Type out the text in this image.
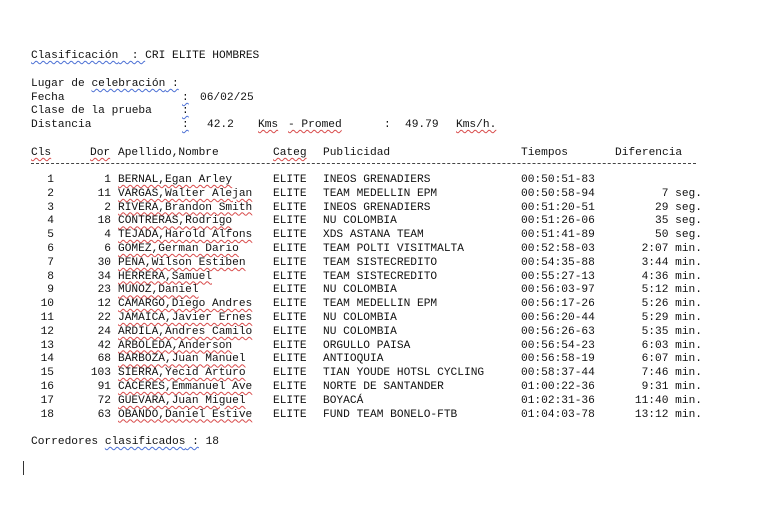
Clasificación  : CRI ELITE HOMBRES
Lugar de celebración :
Fecha	: 06/02/25
Clase de la prueba	:
Distancia	: 42.2 Kms - Promed	: 49.79 Kms/h.
Cls	Dor Apellido,Nombre	Categ Publicidad	Tiempos	Diferencia
1	1 BERNAL,Egan Arley	ELITE INEOS GRENADIERS	00:50:51-83
2	11 VARGAS,Walter Alejan ELITE TEAM MEDELLIN EPM	00:50:58-94	7 seg.
3	2 RIVERA,Brandon Smith ELITE INEOS GRENADIERS	00:51:20-51	29 seg.
4	18 CONTRERAS,Rodrigo	ELITE NU COLOMBIA	00:51:26-06	35 seg.
5	4 TEJADA,Harold Alfons ELITE XDS ASTANA TEAM	00:51:41-89	50 seg.
6	6 GOMEZ,German Dario	ELITE TEAM POLTI VISITMALTA	00:52:58-03	2:07 min.
7	30 PENA,Wilson Estiben ELITE TEAM SISTECREDITO	00:54:35-88	3:44 min.
8	34 HERRERA,Samuel	ELITE TEAM SISTECREDITO	00:55:27-13	4:36 min.
9	23 MUNOZ,Daniel	ELITE NU COLOMBIA	00:56:03-97	5:12 min.
10	12 CAMARGO,Diego Andres ELITE TEAM MEDELLIN EPM	00:56:17-26	5:26 min.
11	22 JAMAICA,Javier Ernes ELITE NU COLOMBIA	00:56:20-44	5:29 min.
12	24 ARDILA,Andres Camilo ELITE NU COLOMBIA	00:56:26-63	5:35 min.
13	42 ARBOLEDA,Anderson	ELITE ORGULLO PAISA	00:56:54-23	6:03 min.
14	68 BARBOZA,Juan Manuel ELITE ANTIOQUIA	00:56:58-19	6:07 min.
15	103 SIERRA,Yecid Arturo ELITE TIAN YOUDE HOTSL CYCLING	00:58:37-44	7:46 min.
16	91 CACERES,Emmanuel Ave ELITE NORTE DE SANTANDER	01:00:22-36	9:31 min.
17	72 GUEVARA,Juan Miguel ELITE BOYACÁ	01:02:31-36	11:40 min.
18	63 OBANDO,Daniel Estive ELITE FUND TEAM BONELO-FTB	01:04:03-78	13:12 min.
Corredores clasificados : 18
